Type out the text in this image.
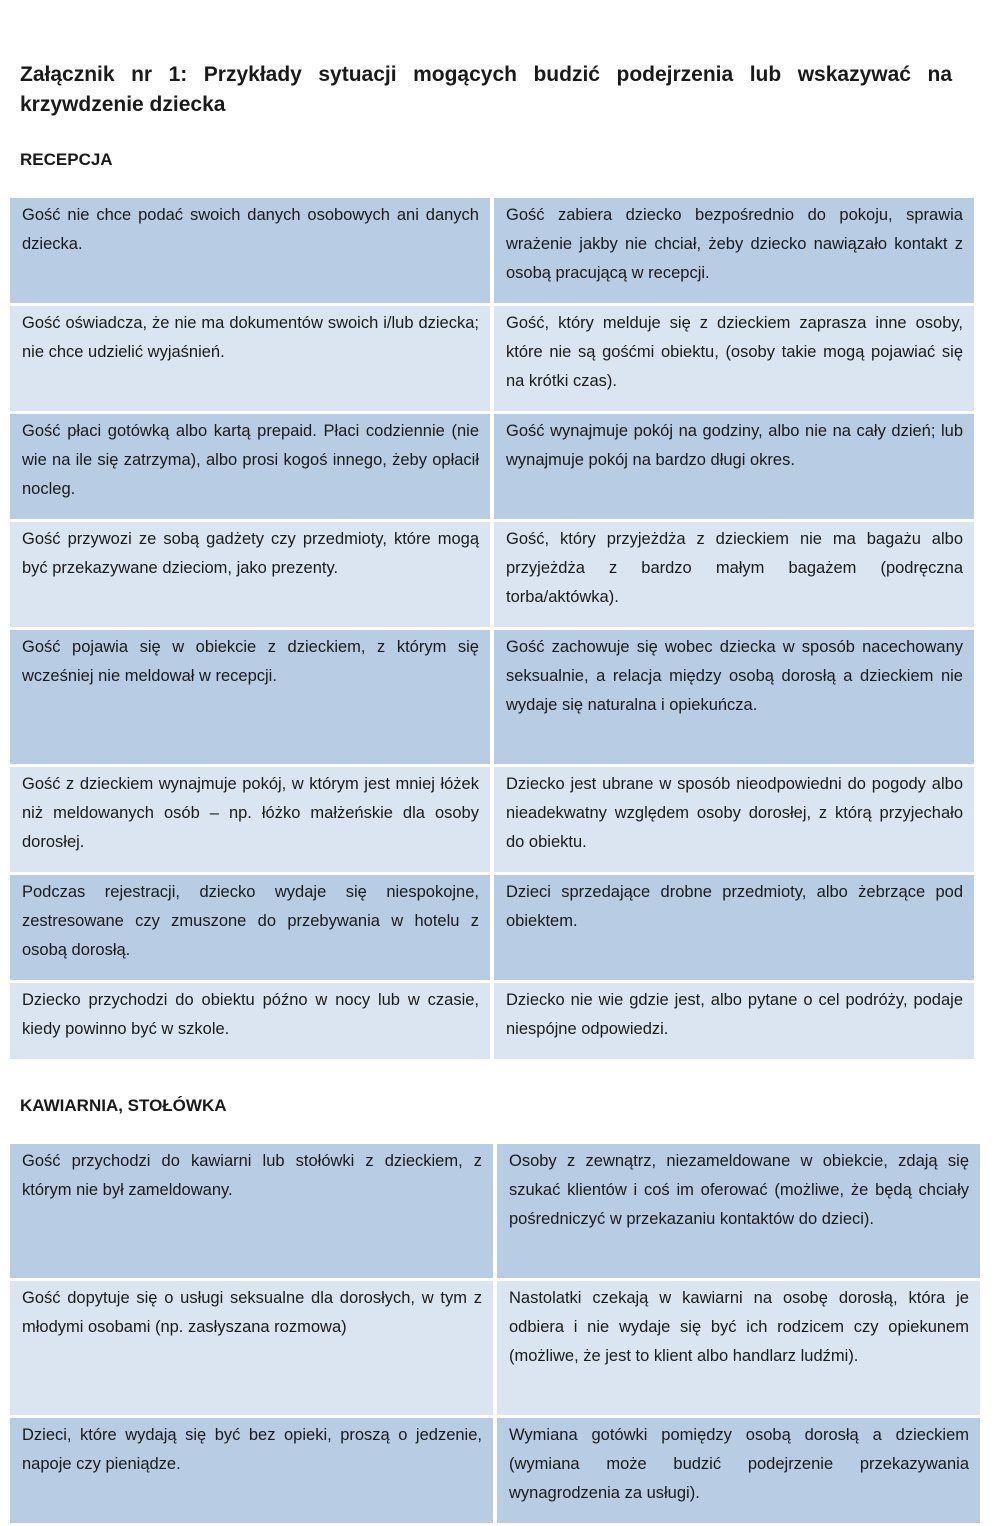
Załącznik nr 1: Przykłady sytuacji mogących budzić podejrzenia lub wskazywać na krzywdzenie dziecka
RECEPCJA
Gość nie chce podać swoich danych osobowych ani danych dziecka.	Gość zabiera dziecko bezpośrednio do pokoju, sprawia wrażenie jakby nie chciał, żeby dziecko nawiązało kontakt z osobą pracującą w recepcji.
Gość oświadcza, że nie ma dokumentów swoich i/lub dziecka; nie chce udzielić wyjaśnień.	Gość, który melduje się z dzieckiem zaprasza inne osoby, które nie są gośćmi obiektu, (osoby takie mogą pojawiać się na krótki czas).
Gość płaci gotówką albo kartą prepaid. Płaci codziennie (nie wie na ile się zatrzyma), albo prosi kogoś innego, żeby opłacił nocleg.	Gość wynajmuje pokój na godziny, albo nie na cały dzień; lub wynajmuje pokój na bardzo długi okres.
Gość przywozi ze sobą gadżety czy przedmioty, które mogą być przekazywane dzieciom, jako prezenty.	Gość, który przyjeżdża z dzieckiem nie ma bagażu albo przyjeżdża z bardzo małym bagażem (podręczna torba/aktówka).
Gość pojawia się w obiekcie z dzieckiem, z którym się wcześniej nie meldował w recepcji.	Gość zachowuje się wobec dziecka w sposób nacechowany seksualnie, a relacja między osobą dorosłą a dzieckiem nie wydaje się naturalna i opiekuńcza.
Gość z dzieckiem wynajmuje pokój, w którym jest mniej łóżek niż meldowanych osób – np. łóżko małżeńskie dla osoby dorosłej.	Dziecko jest ubrane w sposób nieodpowiedni do pogody albo nieadekwatny względem osoby dorosłej, z którą przyjechało do obiektu.
Podczas rejestracji, dziecko wydaje się niespokojne, zestresowane czy zmuszone do przebywania w hotelu z osobą dorosłą.	Dzieci sprzedające drobne przedmioty, albo żebrzące pod obiektem.
Dziecko przychodzi do obiektu późno w nocy lub w czasie, kiedy powinno być w szkole.	Dziecko nie wie gdzie jest, albo pytane o cel podróży, podaje niespójne odpowiedzi.
KAWIARNIA, STOŁÓWKA
Gość przychodzi do kawiarni lub stołówki z dzieckiem, z którym nie był zameldowany.	Osoby z zewnątrz, niezameldowane w obiekcie, zdają się szukać klientów i coś im oferować (możliwe, że będą chciały pośredniczyć w przekazaniu kontaktów do dzieci).
Gość dopytuje się o usługi seksualne dla dorosłych, w tym z młodymi osobami (np. zasłyszana rozmowa)	Nastolatki czekają w kawiarni na osobę dorosłą, która je odbiera i nie wydaje się być ich rodzicem czy opiekunem (możliwe, że jest to klient albo handlarz ludźmi).
Dzieci, które wydają się być bez opieki, proszą o jedzenie, napoje czy pieniądze.	Wymiana gotówki pomiędzy osobą dorosłą a dzieckiem (wymiana może budzić podejrzenie przekazywania wynagrodzenia za usługi).
